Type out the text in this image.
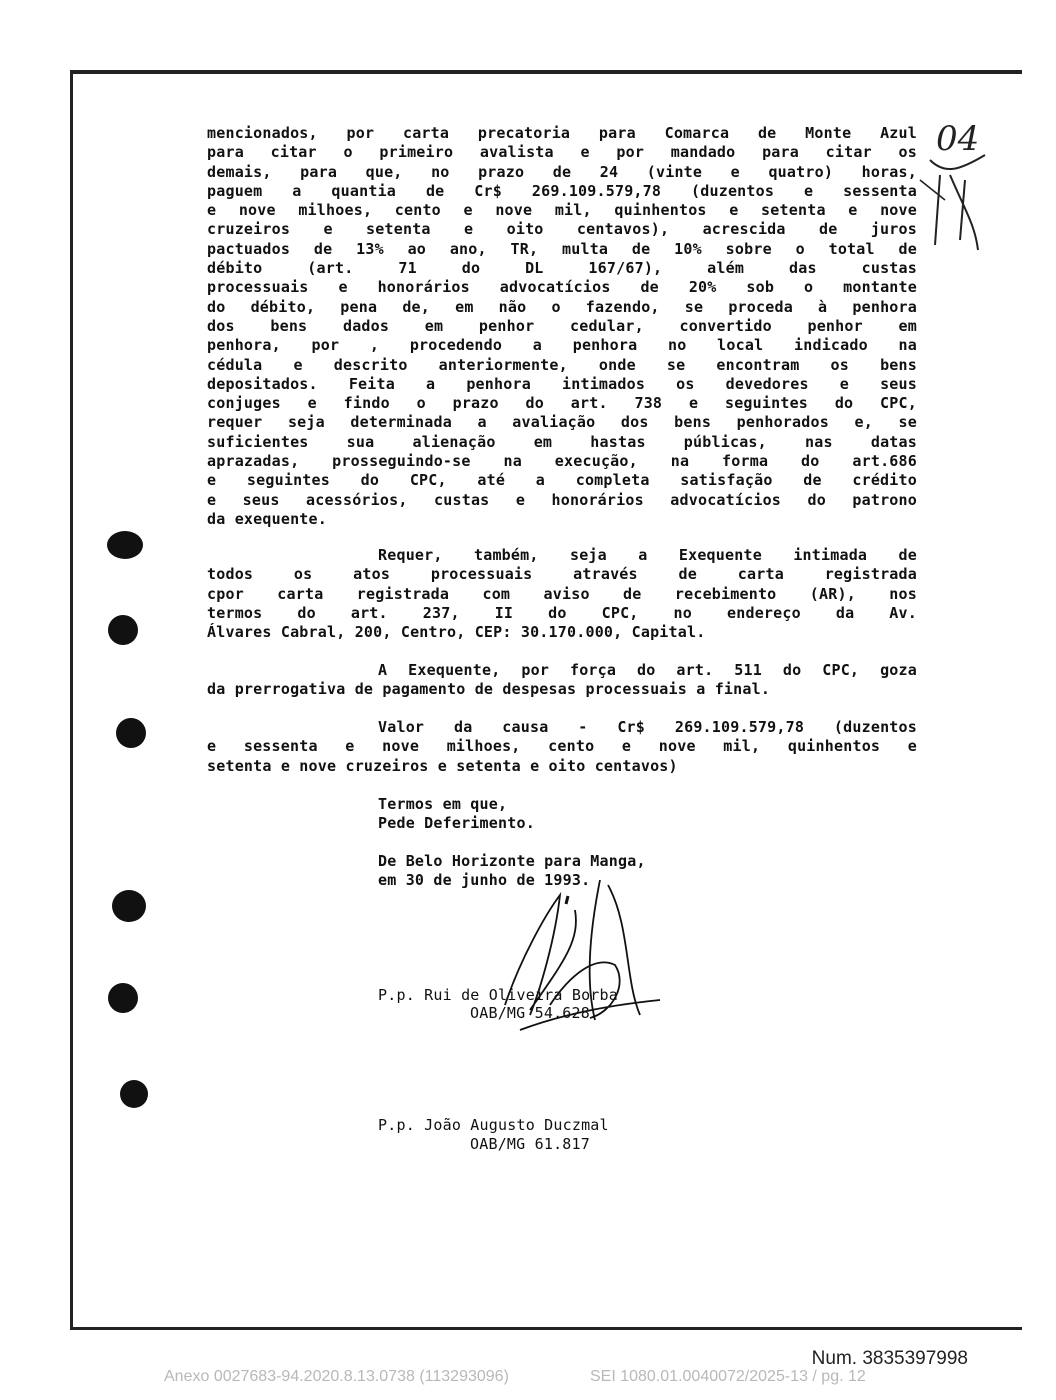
mencionados, por carta precatoria para Comarca de Monte Azul
para citar o primeiro avalista e por mandado para citar os
demais, para que, no prazo de 24 (vinte e quatro) horas,
paguem a quantia de Cr$ 269.109.579,78 (duzentos e sessenta
e nove milhoes, cento e nove mil, quinhentos e setenta e nove
cruzeiros e setenta e oito centavos), acrescida de juros
pactuados de 13% ao ano, TR, multa de 10% sobre o total de
débito (art. 71 do DL 167/67), além das custas
processuais e honorários advocatícios de 20% sob o montante
do débito, pena de, em não o fazendo, se proceda à penhora
dos bens dados em penhor cedular, convertido penhor em
penhora, por , procedendo a penhora no local indicado na
cédula e descrito anteriormente, onde se encontram os bens
depositados. Feita a penhora intimados os devedores e seus
conjuges e findo o prazo do art. 738 e seguintes do CPC,
requer seja determinada a avaliação dos bens penhorados e, se
suficientes sua alienação em hastas públicas, nas datas
aprazadas, prosseguindo-se na execução, na forma do art.686
e seguintes do CPC, até a completa satisfação de crédito
e seus acessórios, custas e honorários advocatícios do patrono
da exequente.
Requer, também, seja a Exequente intimada de
todos os atos processuais através de carta registrada
cpor carta registrada com aviso de recebimento (AR), nos
termos do art. 237, II do CPC, no endereço da Av.
Álvares Cabral, 200, Centro, CEP: 30.170.000, Capital.
A Exequente, por força do art. 511 do CPC, goza
da prerrogativa de pagamento de despesas processuais a final.
Valor da causa - Cr$ 269.109.579,78 (duzentos
e sessenta e nove milhoes, cento e nove mil, quinhentos e
setenta e nove cruzeiros e setenta e oito centavos)
Termos em que,
Pede Deferimento.
De Belo Horizonte para Manga,
em 30 de junho de 1993.
P.p. Rui de Oliveira Borba
OAB/MG 54.628
P.p. João Augusto Duczmal
OAB/MG 61.817
04
Num. 3835397998
Anexo 0027683-94.2020.8.13.0738 (113293096)	SEI 1080.01.0040072/2025-13 / pg. 12
